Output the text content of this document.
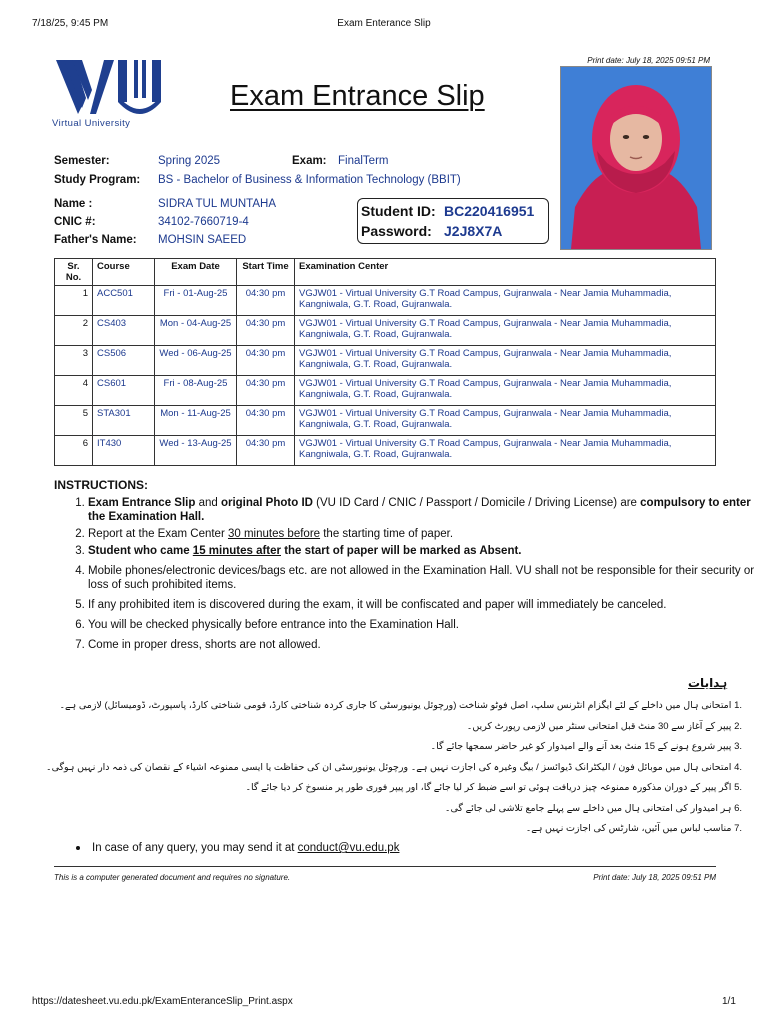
7/18/25, 9:45 PM	Exam Enterance Slip
Virtual University
Exam Entrance Slip
Print date: July 18, 2025 09:51 PM
Semester:	Spring 2025	Exam: FinalTerm
Study Program: BS - Bachelor of Business & Information Technology (BBIT)
Name :	SIDRA TUL MUNTAHA
CNIC #:	34102-7660719-4
Father's Name: MOHSIN SAEED
Student ID: BC220416951
Password: J2J8X7A
Sr. No.	Course	Exam Date	Start Time	Examination Center
1	ACC501	Fri - 01-Aug-25	04:30 pm	VGJW01 - Virtual University G.T Road Campus, Gujranwala - Near Jamia Muhammadia, Kangniwala, G.T. Road, Gujranwala.
2	CS403	Mon - 04-Aug-25	04:30 pm	VGJW01 - Virtual University G.T Road Campus, Gujranwala - Near Jamia Muhammadia, Kangniwala, G.T. Road, Gujranwala.
3	CS506	Wed - 06-Aug-25	04:30 pm	VGJW01 - Virtual University G.T Road Campus, Gujranwala - Near Jamia Muhammadia, Kangniwala, G.T. Road, Gujranwala.
4	CS601	Fri - 08-Aug-25	04:30 pm	VGJW01 - Virtual University G.T Road Campus, Gujranwala - Near Jamia Muhammadia, Kangniwala, G.T. Road, Gujranwala.
5	STA301	Mon - 11-Aug-25	04:30 pm	VGJW01 - Virtual University G.T Road Campus, Gujranwala - Near Jamia Muhammadia, Kangniwala, G.T. Road, Gujranwala.
6	IT430	Wed - 13-Aug-25	04:30 pm	VGJW01 - Virtual University G.T Road Campus, Gujranwala - Near Jamia Muhammadia, Kangniwala, G.T. Road, Gujranwala.
INSTRUCTIONS:
1. Exam Entrance Slip and original Photo ID (VU ID Card / CNIC / Passport / Domicile / Driving License) are compulsory to enter the Examination Hall.
2. Report at the Exam Center 30 minutes before the starting time of paper.
3. Student who came 15 minutes after the start of paper will be marked as Absent.
4. Mobile phones/electronic devices/bags etc. are not allowed in the Examination Hall. VU shall not be responsible for their security or loss of such prohibited items.
5. If any prohibited item is discovered during the exam, it will be confiscated and paper will immediately be canceled.
6. You will be checked physically before entrance into the Examination Hall.
7. Come in proper dress, shorts are not allowed.
ہدایات
.1 امتحانی ہال میں داخلے کے لئے ایگزام انٹرنس سلپ، اصل فوٹو شناخت (ورچوئل یونیورسٹی کا جاری کردہ شناختی کارڈ، قومی شناختی کارڈ، پاسپورٹ، ڈومیسائل) لازمی ہے۔
.2 پیپر کے آغاز سے 30 منٹ قبل امتحانی سنٹر میں لازمی رپورٹ کریں۔
.3 پیپر شروع ہونے کے 15 منٹ بعد آنے والے امیدوار کو غیر حاضر سمجھا جائے گا۔
.4 امتحانی ہال میں موبائل فون / الیکٹرانک ڈیوائسز / بیگ وغیرہ کی اجازت نہیں ہے۔ ورچوئل یونیورسٹی ان کی حفاظت یا ایسی ممنوعہ اشیاء کے نقصان کی ذمہ دار نہیں ہوگی۔
.5 اگر پیپر کے دوران مذکورہ ممنوعہ چیز دریافت ہوئی تو اسے ضبط کر لیا جائے گا، اور پیپر فوری طور پر منسوخ کر دیا جائے گا۔
.6 ہر امیدوار کی امتحانی ہال میں داخلے سے پہلے جامع تلاشی لی جائے گی۔
.7 مناسب لباس میں آئیں، شارٹس کی اجازت نہیں ہے۔
In case of any query, you may send it at conduct@vu.edu.pk
This is a computer generated document and requires no signature.	Print date: July 18, 2025 09:51 PM
https://datesheet.vu.edu.pk/ExamEnteranceSlip_Print.aspx	1/1
